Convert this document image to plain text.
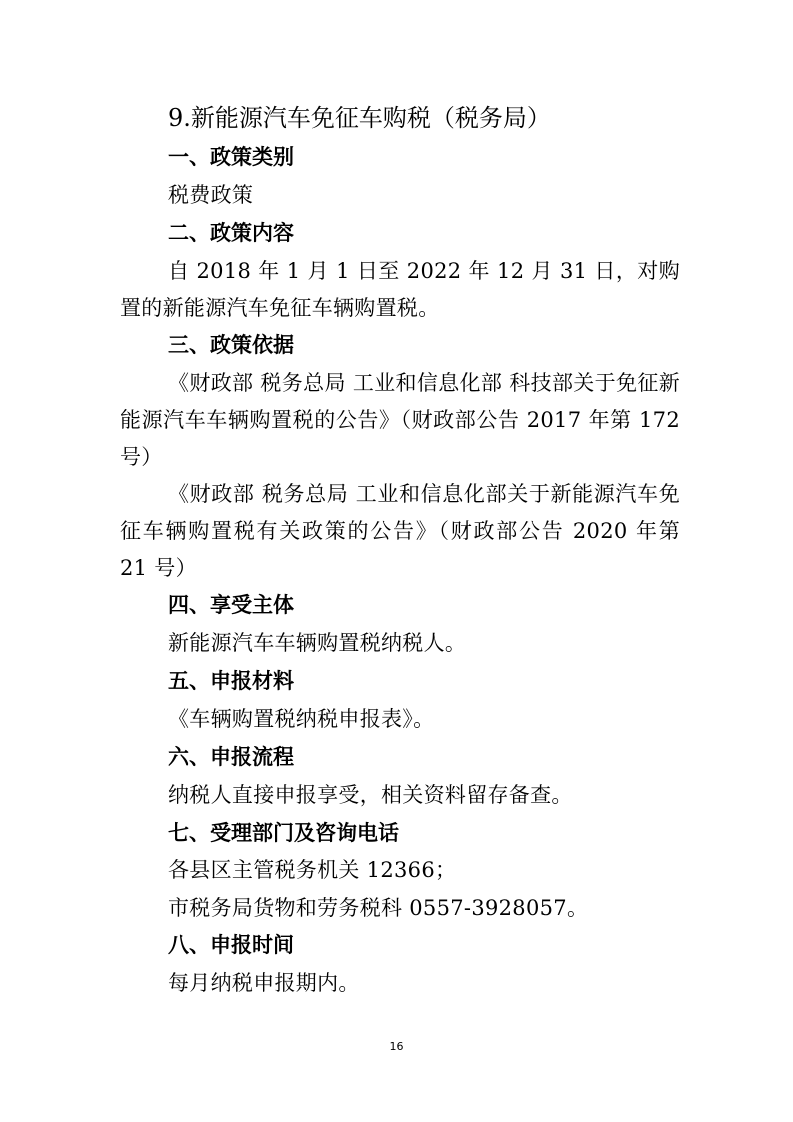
9.新能源汽车免征车购税（税务局）
一、政策类别
税费政策
二、政策内容
自 2018 年 1 月 1 日至 2022 年 12 月 31 日，对购置的新能源汽车免征车辆购置税。
三、政策依据
《财政部 税务总局 工业和信息化部 科技部关于免征新能源汽车车辆购置税的公告》（财政部公告 2017 年第 172 号）
《财政部 税务总局 工业和信息化部关于新能源汽车免征车辆购置税有关政策的公告》（财政部公告 2020 年第 21 号）
四、享受主体
新能源汽车车辆购置税纳税人。
五、申报材料
《车辆购置税纳税申报表》。
六、申报流程
纳税人直接申报享受，相关资料留存备查。
七、受理部门及咨询电话
各县区主管税务机关 12366；
市税务局货物和劳务税科 0557-3928057。
八、申报时间
每月纳税申报期内。
16
